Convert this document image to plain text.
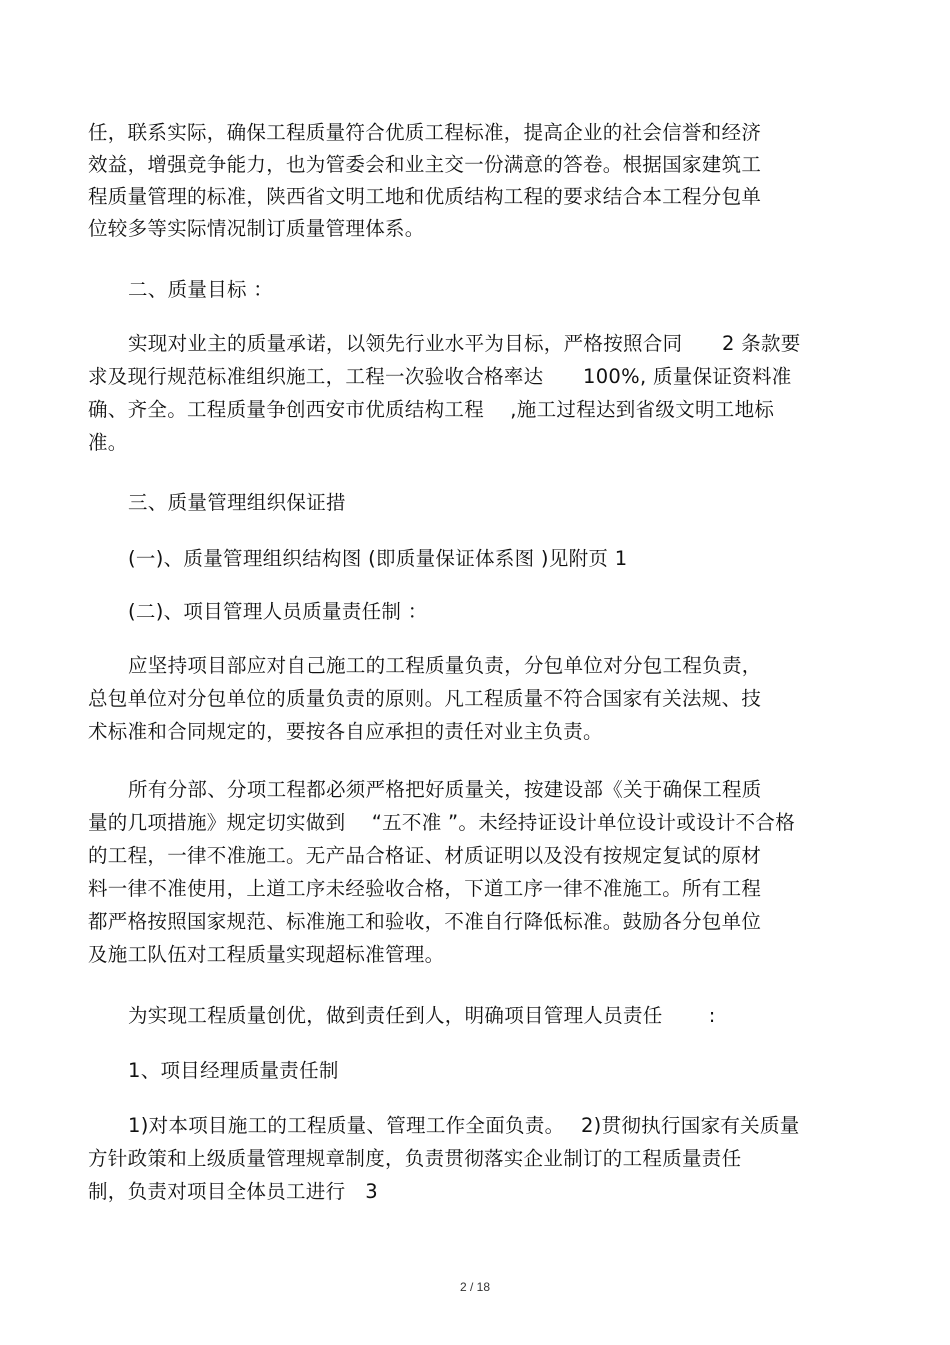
任，联系实际，确保工程质量符合优质工程标准，提高企业的社会信誉和经济
效益，增强竞争能力，也为管委会和业主交一份满意的答卷。根据国家建筑工
程质量管理的标准，陕西省文明工地和优质结构工程的要求结合本工程分包单
位较多等实际情况制订质量管理体系。
二、质量目标 ：
实现对业主的质量承诺，以领先行业水平为目标，严格按照合同　　2 条款要
求及现行规范标准组织施工，工程一次验收合格率达　　100%, 质量保证资料准
确、齐全。工程质量争创西安市优质结构工程　 ,施工过程达到省级文明工地标
准。
三、质量管理组织保证措
(一)、质量管理组织结构图 (即质量保证体系图 )见附页 1
(二)、项目管理人员质量责任制 ：
应坚持项目部应对自己施工的工程质量负责，分包单位对分包工程负责，
总包单位对分包单位的质量负责的原则。凡工程质量不符合国家有关法规、技
术标准和合同规定的，要按各自应承担的责任对业主负责。
所有分部、分项工程都必须严格把好质量关，按建设部《关于确保工程质
量的几项措施》规定切实做到　 “五不准 ”。未经持证设计单位设计或设计不合格
的工程，一律不准施工。无产品合格证、材质证明以及没有按规定复试的原材
料一律不准使用，上道工序未经验收合格，下道工序一律不准施工。所有工程
都严格按照国家规范、标准施工和验收，不准自行降低标准。鼓励各分包单位
及施工队伍对工程质量实现超标准管理。
为实现工程质量创优，做到责任到人，明确项目管理人员责任　　 :
1、项目经理质量责任制
1)对本项目施工的工程质量、管理工作全面负责。　 2)贯彻执行国家有关质量
方针政策和上级质量管理规章制度，负责贯彻落实企业制订的工程质量责任
制，负责对项目全体员工进行　3
2 / 18
